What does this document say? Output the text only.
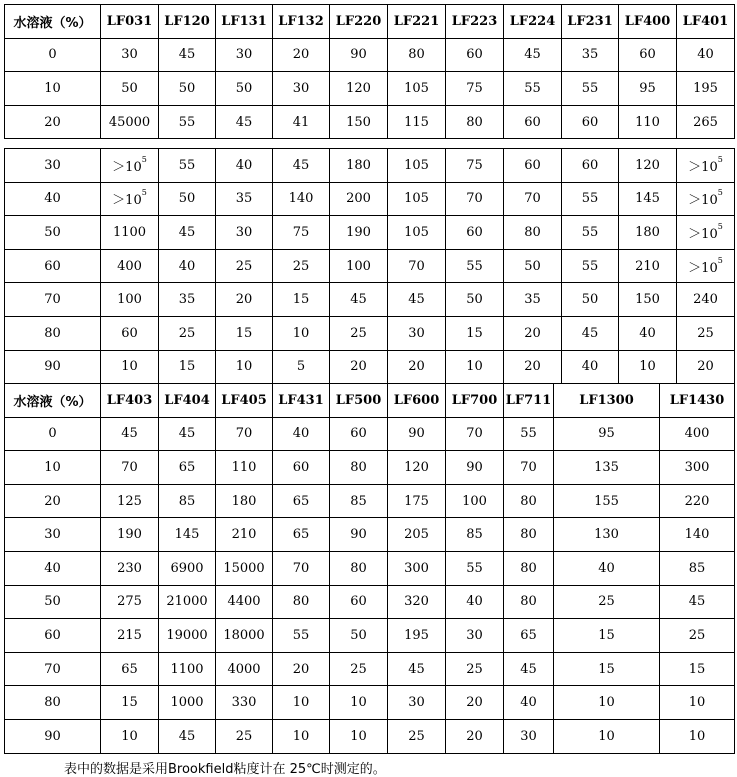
水溶液（%）	LF031	LF120	LF131	LF132	LF220	LF221	LF223	LF224	LF231	LF400	LF401
0	30	45	30	20	90	80	60	45	35	60	40
10	50	50	50	30	120	105	75	55	55	95	195
20	45000	55	45	41	150	115	80	60	60	110	265
30	$>10^5$	55	40	45	180	105	75	60	60	120	$>10^5$
40	$>10^5$	50	35	140	200	105	70	70	55	145	$>10^5$
50	1100	45	30	75	190	105	60	80	55	180	$>10^5$
60	400	40	25	25	100	70	55	50	55	210	$>10^5$
70	100	35	20	15	45	45	50	35	50	150	240
80	60	25	15	10	25	30	15	20	45	40	25
90	10	15	10	5	20	20	10	20	40	10	20
水溶液（%）	LF403	LF404	LF405	LF431	LF500	LF600	LF700	LF711	LF1300	LF1430
0	45	45	70	40	60	90	70	55	95	400
10	70	65	110	60	80	120	90	70	135	300
20	125	85	180	65	85	175	100	80	155	220
30	190	145	210	65	90	205	85	80	130	140
40	230	6900	15000	70	80	300	55	80	40	85
50	275	21000	4400	80	60	320	40	80	25	45
60	215	19000	18000	55	50	195	30	65	15	25
70	65	1100	4000	20	25	45	25	45	15	15
80	15	1000	330	10	10	30	20	40	10	10
90	10	45	25	10	10	25	20	30	10	10
表中的数据是采用Brookfield粘度计在 25℃时测定的。
